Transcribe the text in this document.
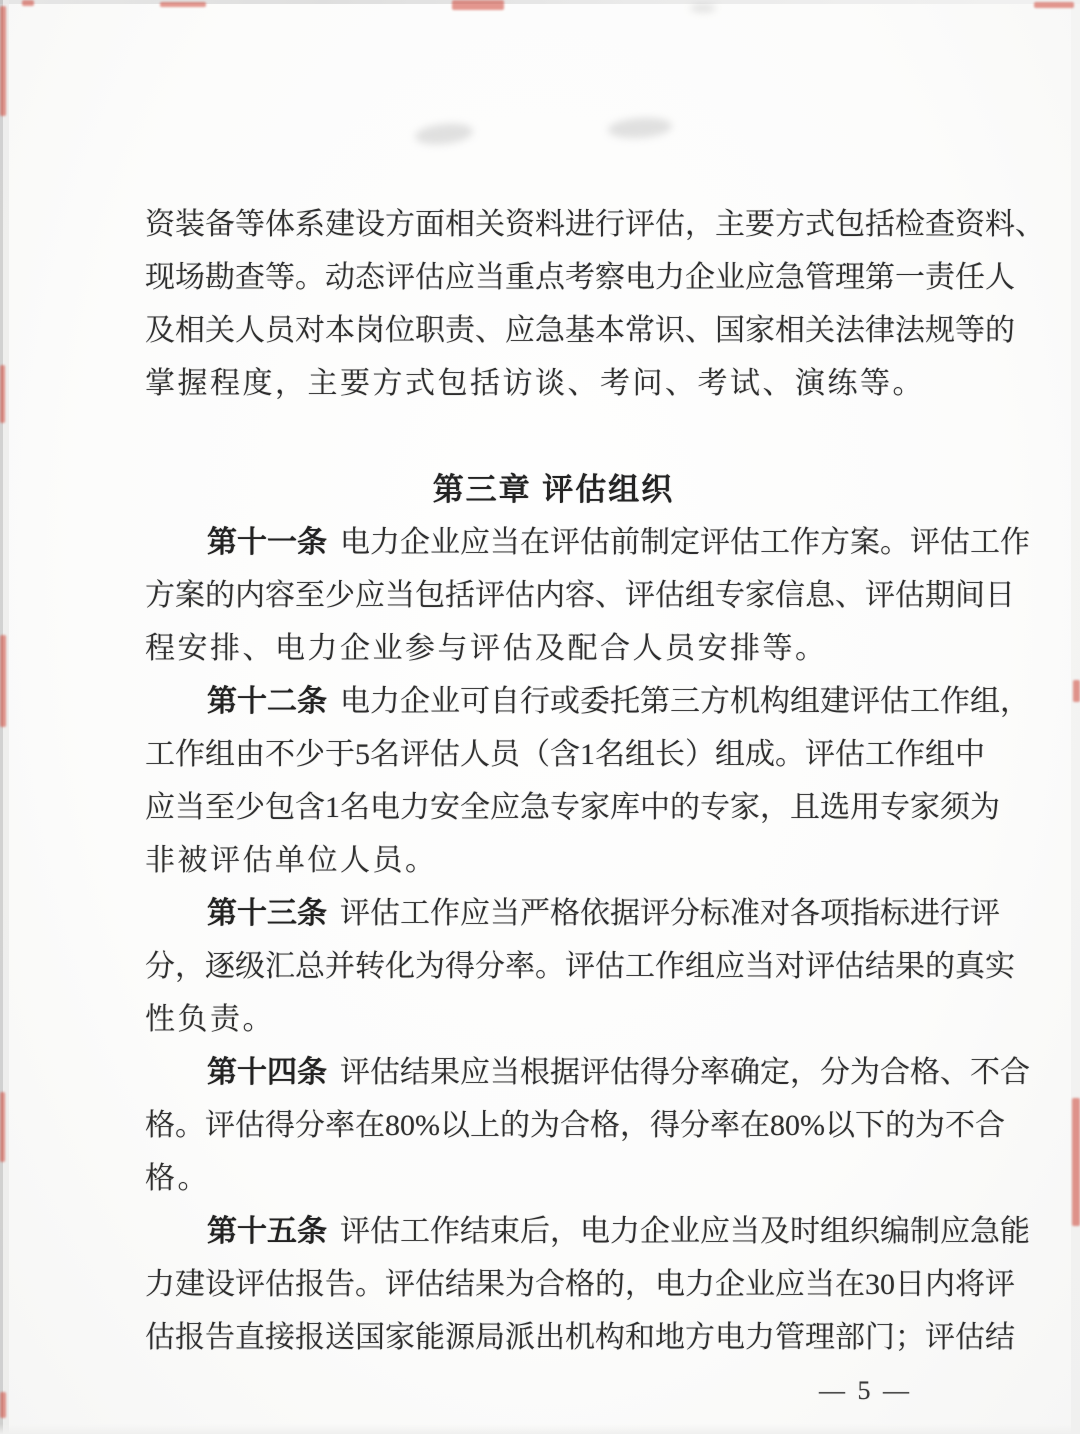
资装备等体系建设方面相关资料进行评估，主要方式包括检查资料、
现场勘查等。动态评估应当重点考察电力企业应急管理第一责任人
及相关人员对本岗位职责、应急基本常识、国家相关法律法规等的
掌握程度，主要方式包括访谈、考问、考试、演练等。
第三章 评估组织
第十一条 电力企业应当在评估前制定评估工作方案。评估工作
方案的内容至少应当包括评估内容、评估组专家信息、评估期间日
程安排、电力企业参与评估及配合人员安排等。
第十二条 电力企业可自行或委托第三方机构组建评估工作组，
工作组由不少于5名评估人员（含1名组长）组成。评估工作组中
应当至少包含1名电力安全应急专家库中的专家，且选用专家须为
非被评估单位人员。
第十三条 评估工作应当严格依据评分标准对各项指标进行评
分，逐级汇总并转化为得分率。评估工作组应当对评估结果的真实
性负责。
第十四条 评估结果应当根据评估得分率确定，分为合格、不合
格。评估得分率在80%以上的为合格，得分率在80%以下的为不合
格。
第十五条 评估工作结束后，电力企业应当及时组织编制应急能
力建设评估报告。评估结果为合格的，电力企业应当在30日内将评
估报告直接报送国家能源局派出机构和地方电力管理部门；评估结
— 5 —
